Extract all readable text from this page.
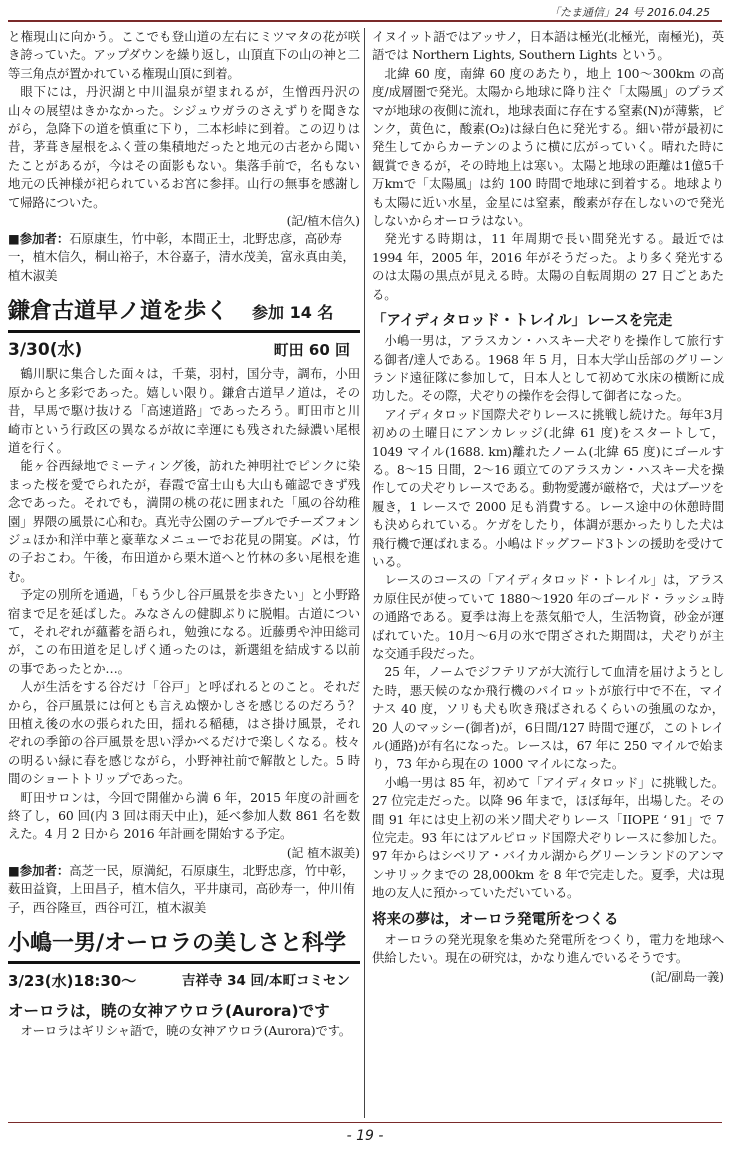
「たま通信」24 号 2016.04.25

と権現山に向かう。ここでも登山道の左右にミツマタの花が咲き誇っていた。アップダウンを繰り返し，山頂直下の山の神と二等三角点が置かれている権現山頂に到着。

眼下には，丹沢湖と中川温泉が望まれるが，生憎西丹沢の山々の展望はきかなかった。シジュウガラのさえずりを聞きながら，急降下の道を慎重に下り，二本杉峠に到着。この辺りは昔，茅葺き屋根をふく萱の集積地だったと地元の古老から聞いたことがあるが，今はその面影もない。集落手前で，名もない地元の氏神様が祀られているお宮に参拝。山行の無事を感謝して帰路についた。

(記/植木信久)
■参加者：石原康生，竹中彰，本間正士，北野忠彦，高砂寿一，植木信久，桐山裕子，木谷嘉子，清水茂美，富永真由美，植木淑美
鎌倉古道早ノ道を歩く 参加 14 名
3/30(水)	町田 60 回

鶴川駅に集合した面々は，千葉，羽村，国分寺，調布，小田原からと多彩であった。嬉しい限り。鎌倉古道早ノ道は，その昔，早馬で駆け抜ける「高速道路」であったろう。町田市と川崎市という行政区の異なるが故に幸運にも残された緑濃い尾根道を行く。

能ヶ谷西緑地でミーティング後，訪れた神明社でピンクに染まった桜を愛でられたが，春霞で富士山も大山も確認できず残念であった。それでも，満開の桃の花に囲まれた「風の谷幼稚園」界隈の風景に心和む。真光寺公園のテーブルでチーズフォンジュほか和洋中華と豪華なメニューでお花見の開宴。〆は，竹の子おこわ。午後，布田道から栗木道へと竹林の多い尾根を進む。

予定の別所を通過，「もう少し谷戸風景を歩きたい」と小野路宿まで足を延ばした。みなさんの健脚ぶりに脱帽。古道について，それぞれが蘊蓄を語られ，勉強になる。近藤勇や沖田総司が，この布田道を足しげく通ったのは，新選組を結成する以前の事であったとか…。

人が生活をする谷だけ「谷戸」と呼ばれるとのこと。それだから，谷戸風景には何とも言えぬ懐かしさを感じるのだろう？田植え後の水の張られた田，揺れる稲穂，はさ掛け風景，それぞれの季節の谷戸風景を思い浮かべるだけで楽しくなる。枝々の明るい緑に春を感じながら，小野神社前で解散とした。5 時間のショートトリップであった。

町田サロンは，今回で開催から満 6 年，2015 年度の計画を終了し，60 回(内 3 回は雨天中止)，延べ参加人数 861 名を数えた。4 月 2 日から 2016 年計画を開始する予定。

(記 植木淑美)
■参加者：高芝一民，原満紀，石原康生，北野忠彦，竹中彰，薮田益資，上田昌子，植木信久，平井康司，高砂寿一，仲川侑子，西谷隆亘，西谷可江，植木淑美
小嶋一男/オーロラの美しさと科学
3/23(水)18:30〜	吉祥寺 34 回/本町コミセン
オーロラは，暁の女神アウロラ(Aurora)です

オーロラはギリシャ語で，暁の女神アウロラ(Aurora)です。

イヌイット語ではアッサノ，日本語は極光(北極光，南極光)，英語では Northern Lights, Southern Lights という。

北緯 60 度，南緯 60 度のあたり，地上 100〜300km の高度/成層圏で発光。太陽から地球に降り注ぐ「太陽風」のプラズマが地球の夜側に流れ，地球表面に存在する窒素(N)が薄紫，ピンク，黄色に，酸素(O₂)は緑白色に発光する。細い帯が最初に発生してからカーテンのように横に広がっていく。晴れた時に観賞できるが，その時地上は寒い。太陽と地球の距離は1億5千万kmで「太陽風」は約 100 時間で地球に到着する。地球よりも太陽に近い水星，金星には窒素，酸素が存在しないので発光しないからオーロラはない。

発光する時期は，11 年周期で長い間発光する。最近では 1994 年，2005 年，2016 年がそうだった。より多く発光するのは太陽の黒点が見える時。太陽の自転周期の 27 日ごとあたる。

「アイディタロッド・トレイル」レースを完走

小嶋一男は，アラスカン・ハスキー犬ぞりを操作して旅行する御者/達人である。1968 年 5 月，日本大学山岳部のグリーンランド遠征隊に参加して，日本人として初めて氷床の横断に成功した。その際，犬ぞりの操作を会得して御者になった。

アイディタロッド国際犬ぞりレースに挑戦し続けた。毎年3月初めの土曜日にアンカレッジ(北緯 61 度)をスタートして，1049 マイル(1688. km)離れたノーム(北緯 65 度)にゴールする。8〜15 日間，2〜16 頭立てのアラスカン・ハスキー犬を操作しての犬ぞりレースである。動物愛護が厳格で，犬はブーツを履き，1 レースで 2000 足も消費する。レース途中の休憩時間も決められている。ケガをしたり，体調が悪かったりした犬は飛行機で運ばれまる。小嶋はドッグフード3トンの援助を受けている。

レースのコースの「アイディタロッド・トレイル」は，アラスカ原住民が使っていて 1880〜1920 年のゴールド・ラッシュ時の通路である。夏季は海上を蒸気船で人，生活物資，砂金が運ばれていた。10月〜6月の氷で閉ざされた期間は，犬ぞりが主な交通手段だった。

25 年，ノームでジフテリアが大流行して血清を届けようとした時，悪天候のなか飛行機のパイロットが旅行中で不在，マイナス 40 度，ソリも犬も吹き飛ばされるくらいの強風のなか，20 人のマッシー(御者)が，6日間/127 時間で運び，このトレイル(通路)が有名になった。レースは，67 年に 250 マイルで始まり，73 年から現在の 1000 マイルになった。

小嶋一男は 85 年，初めて「アイディタロッド」に挑戦した。27 位完走だった。以降 96 年まで，ほぼ毎年，出場した。その間 91 年には史上初の米ソ間犬ぞりレース「IIOPE ‘ 91」で 7 位完走。93 年にはアルピロッド国際犬ぞりレースに参加した。97 年からはシベリア・バイカル湖からグリーンランドのアンマンサリックまでの 28,000km を 8 年で完走した。夏季，犬は現地の友人に預かっていただいている。

将来の夢は，オーロラ発電所をつくる

オーロラの発光現象を集めた発電所をつくり，電力を地球へ供給したい。現在の研究は，かなり進んでいるそうです。

(記/副島一義)
- 19 -
